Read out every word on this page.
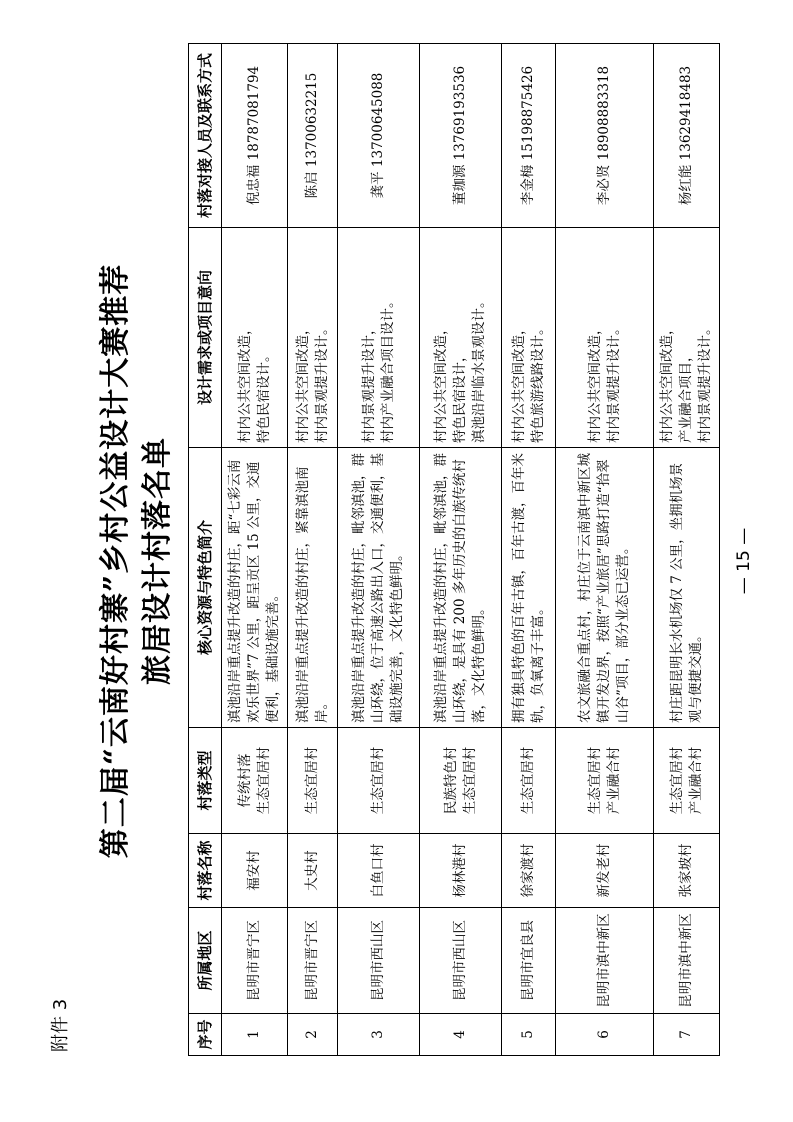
附件 3
第二届“云南好村寨”乡村公益设计大赛推荐 旅居设计村落名单
序号	所属地区	村落名称	村落类型	核心资源与特色简介	设计需求或项目意向	村落对接人员及联系方式
1	昆明市晋宁区	福安村	传统村落
生态宜居村	滇池沿岸重点提升改造的村庄，距“七彩云南欢乐世界”7 公里，距呈贡区 15 公里，交通便利，基础设施完善。	村内公共空间改造，
特色民宿设计。	倪忠福 18787081794
2	昆明市晋宁区	大史村	生态宜居村	滇池沿岸重点提升改造的村庄，紧靠滇池南岸。	村内公共空间改造，
村内景观提升设计。	陈启 13700632215
3	昆明市西山区	白鱼口村	生态宜居村	滇池沿岸重点提升改造的村庄，毗邻滇池，群山环绕，位于高速公路出入口，交通便利，基础设施完善，文化特色鲜明。	村内景观提升设计，
村内产业融合项目设计。	龚平 13700645088
4	昆明市西山区	杨林港村	民族特色村
生态宜居村	滇池沿岸重点提升改造的村庄，毗邻滇池，群山环绕，是具有 200 多年历史的白族传统村落，文化特色鲜明。	村内公共空间改造，
特色民宿设计，
滇池沿岸临水景观设计。	董珈源 13769193536
5	昆明市宜良县	徐家渡村	生态宜居村	拥有独具特色的百年古镇，百年古渡，百年米轨，负氧离子丰富。	村内公共空间改造，
特色旅游线路设计。	李金梅 15198875426
6	昆明市滇中新区	新发老村	生态宜居村
产业融合村	农文旅融合重点村，村庄位于云南滇中新区城镇开发边界，按照“产业旅居”思路打造“拾翠山谷”项目，部分业态已运营。	村内公共空间改造，
村内景观提升设计。	李必贤 18908883318
7	昆明市滇中新区	张家坡村	生态宜居村
产业融合村	村庄距昆明长水机场仅 7 公里，坐拥机场景观与便捷交通。	村内公共空间改造，
产业融合项目，
村内景观提升设计。	杨红能 13629418483
— 15 —
